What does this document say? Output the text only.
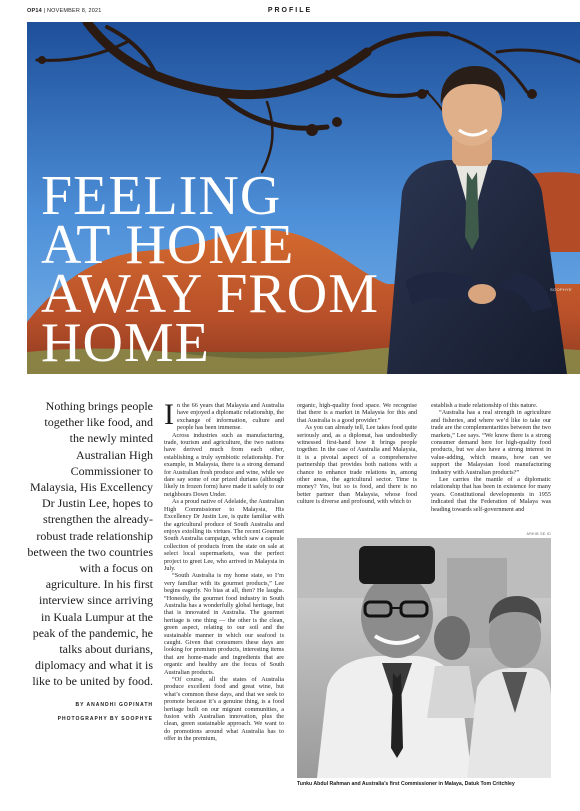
OP14 | NOVEMBER 8, 2021	PROFILE
FEELING
AT HOME
AWAY FROM
HOME
SOOPHYE
Nothing brings people together like food, and the newly minted Australian High Commissioner to Malaysia, His Excellency Dr Justin Lee, hopes to strengthen the already-robust trade relationship between the two countries with a focus on agriculture. In his first interview since arriving in Kuala Lumpur at the peak of the pandemic, he talks about durians, diplomacy and what it is like to be united by food.
BY ANANDHI GOPINATH
PHOTOGRAPHY BY SOOPHYE

In the 66 years that Malaysia and Australia have enjoyed a diplomatic relationship, the exchange of information, culture and people has been immense.

Across industries such as manufacturing, trade, tourism and agriculture, the two nations have derived much from each other, establishing a truly symbiotic relationship. For example, in Malaysia, there is a strong demand for Australian fresh produce and wine, while we dare say some of our prized durians (although likely in frozen form) have made it safely to our neighbours Down Under.

As a proud native of Adelaide, the Australian High Commissioner to Malaysia, His Excellency Dr Justin Lee, is quite familiar with the agricultural produce of South Australia and enjoys extolling its virtues. The recent Gourmet South Australia campaign, which saw a capsule collection of products from the state on sale at select local supermarkets, was the perfect project to greet Lee, who arrived in Malaysia in July.

“South Australia is my home state, so I’m very familiar with its gourmet products,” Lee begins eagerly. No bias at all, then? He laughs. “Honestly, the gourmet food industry in South Australia has a wonderfully global heritage, but that is innovated in Australia. The gourmet heritage is one thing — the other is the clean, green aspect, relating to our soil and the sustainable manner in which our seafood is caught. Given that consumers these days are looking for premium products, interesting items that are home-made and ingredients that are organic and healthy are the focus of South Australian products.

“Of course, all the states of Australia produce excellent food and great wine, but what’s common these days, and that we seek to promote because it’s a genuine thing, is a food heritage built on our migrant communities, a fusion with Australian innovation, plus the clean, green sustainable approach. We want to do promotions around what Australia has to offer in the premium,

organic, high-quality food space. We recognise that there is a market in Malaysia for this and that Australia is a good provider.”

As you can already tell, Lee takes food quite seriously and, as a diplomat, has undoubtedly witnessed first-hand how it brings people together. In the case of Australia and Malaysia, it is a pivotal aspect of a comprehensive partnership that provides both nations with a chance to enhance trade relations in, among other areas, the agricultural sector. Time is money? Yes, but so is food, and there is no better partner than Malaysia, whose food culture is diverse and profound, with which to

establish a trade relationship of this nature.

“Australia has a real strength in agriculture and fisheries, and where we’d like to take our trade are the complementarities between the two markets,” Lee says. “We know there is a strong consumer demand here for high-quality food products, but we also have a strong interest in value-adding, which means, how can we support the Malaysian food manufacturing industry with Australian products?”

Lee carries the mantle of a diplomatic relationship that has been in existence for many years. Constitutional developments in 1955 indicated that the Federation of Malaya was heading towards self-government and

ARKIB SE.ID
Tunku Abdul Rahman and Australia’s first Commissioner in Malaya, Datuk Tom Critchley
